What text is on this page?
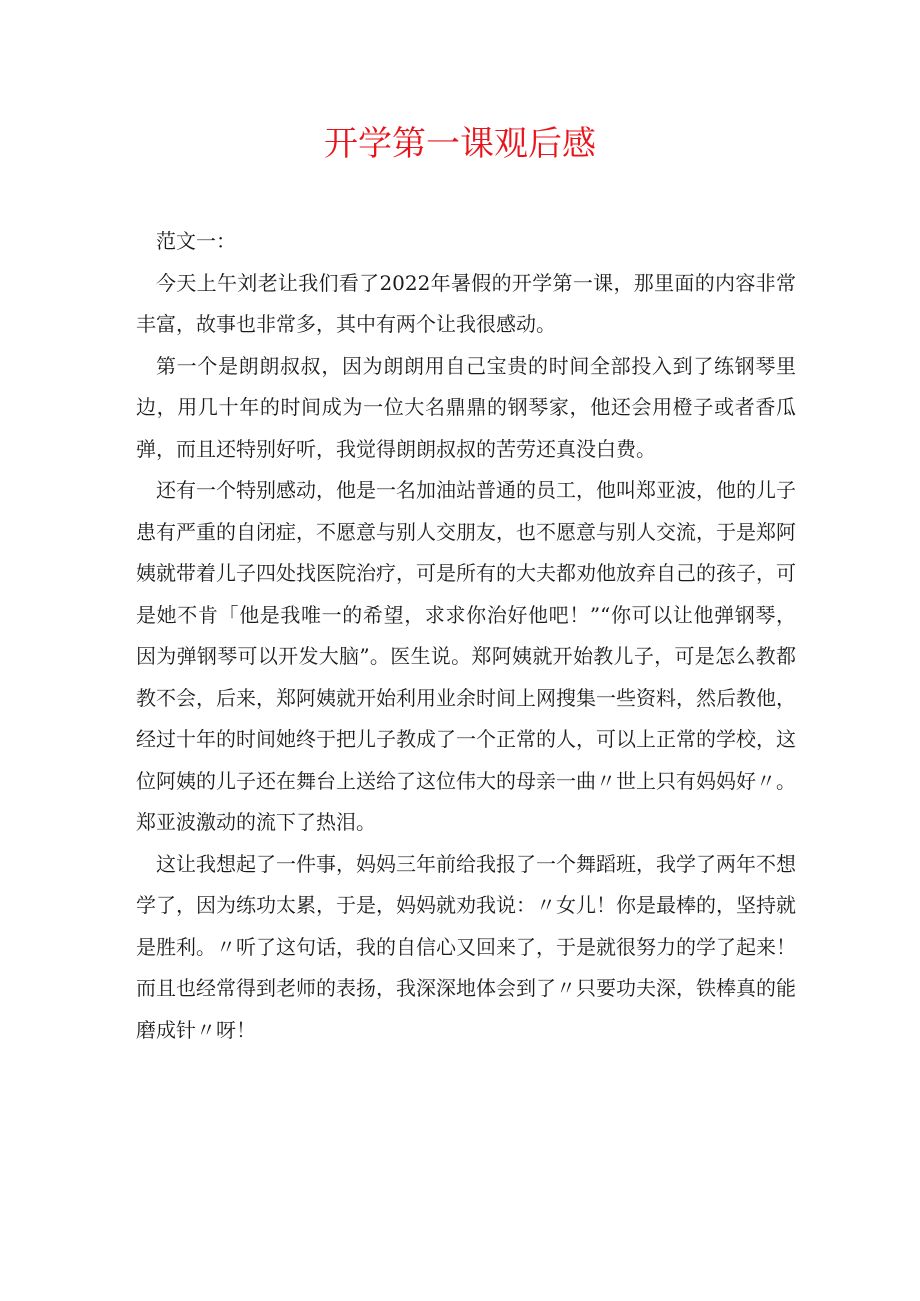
开学第一课观后感

范文一：

今天上午刘老让我们看了2022年暑假的开学第一课，那里面的内容非常丰富，故事也非常多，其中有两个让我很感动。

第一个是朗朗叔叔，因为朗朗用自己宝贵的时间全部投入到了练钢琴里边，用几十年的时间成为一位大名鼎鼎的钢琴家，他还会用橙子或者香瓜弹，而且还特别好听，我觉得朗朗叔叔的苦劳还真没白费。

还有一个特别感动，他是一名加油站普通的员工，他叫郑亚波，他的儿子患有严重的自闭症，不愿意与别人交朋友，也不愿意与别人交流，于是郑阿姨就带着儿子四处找医院治疗，可是所有的大夫都劝他放弃自己的孩子，可是她不肯「他是我唯一的希望，求求你治好他吧！”“你可以让他弹钢琴，因为弹钢琴可以开发大脑”。医生说。郑阿姨就开始教儿子，可是怎么教都教不会，后来，郑阿姨就开始利用业余时间上网搜集一些资料，然后教他，经过十年的时间她终于把儿子教成了一个正常的人，可以上正常的学校，这位阿姨的儿子还在舞台上送给了这位伟大的母亲一曲〃世上只有妈妈好〃。郑亚波激动的流下了热泪。

这让我想起了一件事，妈妈三年前给我报了一个舞蹈班，我学了两年不想学了，因为练功太累，于是，妈妈就劝我说：〃女儿！你是最棒的，坚持就是胜利。〃听了这句话，我的自信心又回来了，于是就很努力的学了起来！而且也经常得到老师的表扬，我深深地体会到了〃只要功夫深，铁棒真的能磨成针〃呀！
